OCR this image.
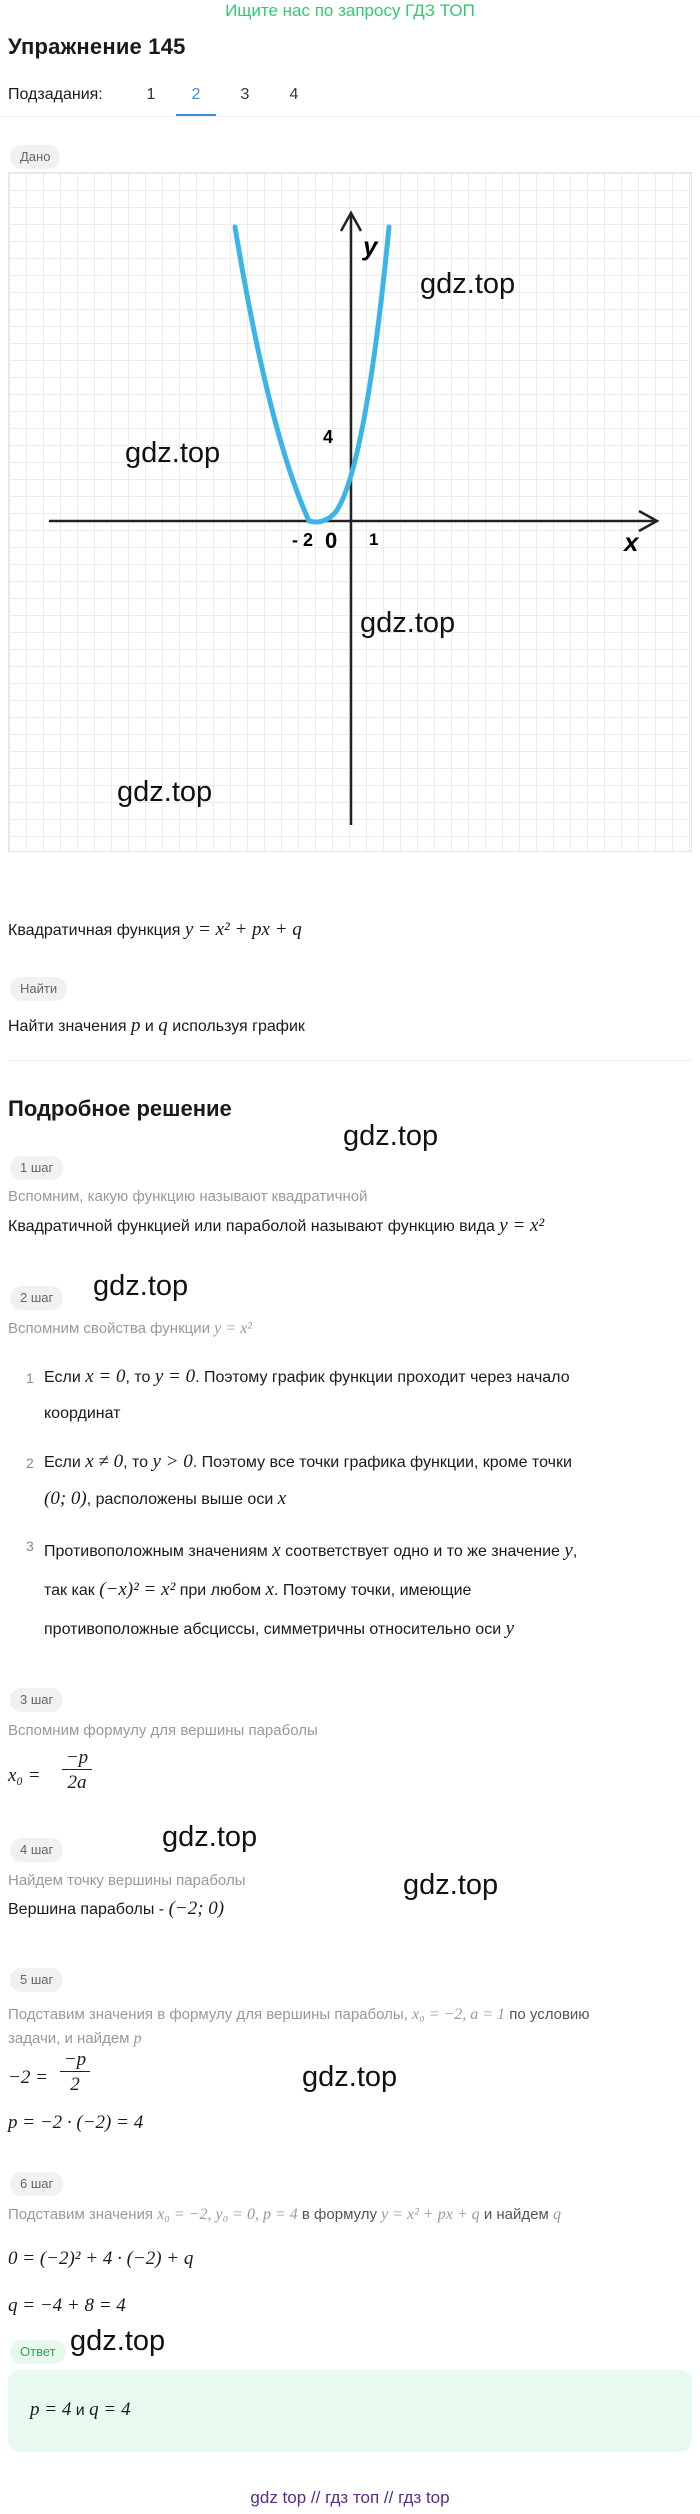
Ищите нас по запросу ГДЗ ТОП
Упражнение 145
Подзадания:	1	2	3	4
Дано
y
x
4
- 2 0 1
Квадратичная функция y = x² + px + q
Найти
Найти значения p и q используя график
Подробное решение
1 шаг
Вспомним, какую функцию называют квадратичной
Квадратичной функцией или параболой называют функцию вида y = x²
2 шаг
Вспомним свойства функции y = x²
1 Если x = 0, то y = 0. Поэтому график функции проходит через начало
координат
2 Если x ≠ 0, то y > 0. Поэтому все точки графика функции, кроме точки
(0; 0), расположены выше оси x
3 Противоположным значениям x соответствует одно и то же значение y,
так как (−x)² = x² при любом x. Поэтому точки, имеющие
противоположные абсциссы, симметричны относительно оси y
3 шаг
Вспомним формулу для вершины параболы
x₀ =
−p
2a
4 шаг
Найдем точку вершины параболы
Вершина параболы - (−2; 0)
5 шаг
Подставим значения в формулу для вершины параболы, x₀ = −2, a = 1 по условию
задачи, и найдем p
−2 =
−p
2
p = −2 · (−2) = 4
6 шаг
Подставим значения x₀ = −2, y₀ = 0, p = 4 в формулу y = x² + px + q и найдем q
0 = (−2)² + 4 · (−2) + q
q = −4 + 8 = 4
Ответ
p = 4 и q = 4
gdz.top
gdz.top
gdz.top
gdz.top
gdz.top
gdz.top
gdz.top
gdz.top
gdz.top
gdz.top
gdz top // гдз топ // гдз top
